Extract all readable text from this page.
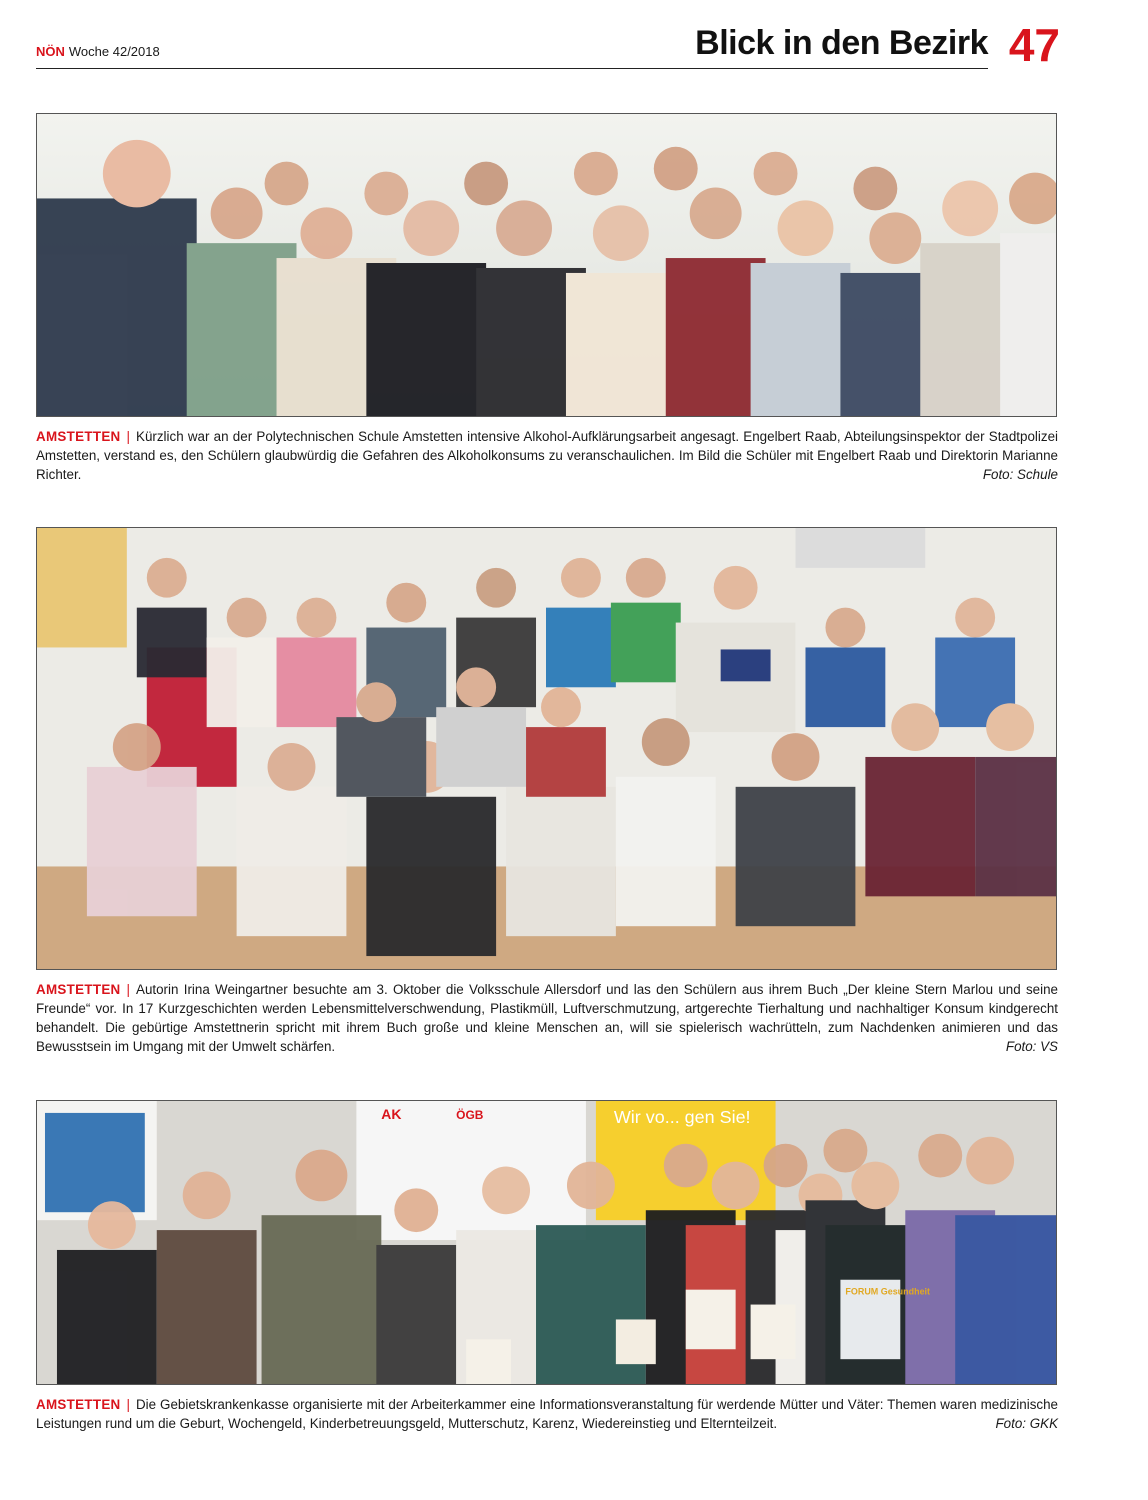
NÖN Woche 42/2018	Blick in den Bezirk 47
AMSTETTEN | Kürzlich war an der Polytechnischen Schule Amstetten intensive Alkohol-Aufklärungsarbeit angesagt. Engelbert Raab, Abteilungsinspektor der Stadtpolizei Amstetten, verstand es, den Schülern glaubwürdig die Gefahren des Alkoholkonsums zu veranschaulichen. Im Bild die Schüler mit Engelbert Raab und Direktorin Marianne Richter.	Foto: Schule
AMSTETTEN | Autorin Irina Weingartner besuchte am 3. Oktober die Volksschule Allersdorf und las den Schülern aus ihrem Buch „Der kleine Stern Marlou und seine Freunde“ vor. In 17 Kurzgeschichten werden Lebensmittelverschwendung, Plastikmüll, Luftverschmutzung, artgerechte Tierhaltung und nachhaltiger Konsum kindgerecht behandelt. Die gebürtige Amstettnerin spricht mit ihrem Buch große und kleine Menschen an, will sie spielerisch wachrütteln, zum Nachdenken animieren und das Bewusstsein im Umgang mit der Umwelt schärfen.	Foto: VS
AK	ÖGB	Wir vo... gen Sie!
FORUM Gesundheit
AMSTETTEN | Die Gebietskrankenkasse organisierte mit der Arbeiterkammer eine Informationsveranstaltung für werdende Mütter und Väter: Themen waren medizinische Leistungen rund um die Geburt, Wochengeld, Kinderbetreuungsgeld, Mutterschutz, Karenz, Wiedereinstieg und Elternteilzeit.	Foto: GKK
